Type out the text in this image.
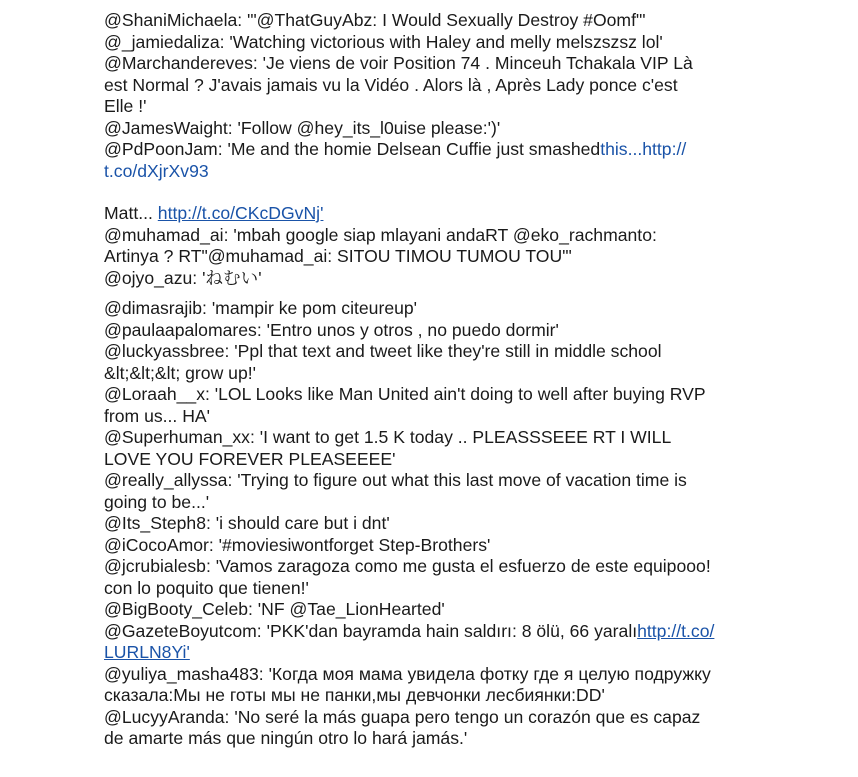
@ShaniMichaela: '"@ThatGuyAbz: I Would Sexually Destroy #Oomf"'
@_jamiedaliza: 'Watching victorious with Haley and melly melszszsz lol'
@Marchandereves: 'Je viens de voir Position 74 . Minceuh Tchakala VIP Là
est Normal ? J'avais jamais vu la Vidéo . Alors là , Après Lady ponce c'est
Elle !'
@JamesWaight: 'Follow @hey_its_l0uise please:')'
@PdPoonJam: 'Me and the homie Delsean Cuffie just smashedthis...http://
t.co/dXjrXv93
Matt... http://t.co/CKcDGvNj'
@muhamad_ai: 'mbah google siap mlayani andaRT @eko_rachmanto:
Artinya ? RT"@muhamad_ai: SITOU TIMOU TUMOU TOU"'
@ojyo_azu: 'ねむい'
@dimasrajib: 'mampir ke pom citeureup'
@paulaapalomares: 'Entro unos y otros , no puedo dormir'
@luckyassbree: 'Ppl that text and tweet like they're still in middle school
&lt;&lt;&lt; grow up!'
@Loraah__x: 'LOL Looks like Man United ain't doing to well after buying RVP
from us... HA'
@Superhuman_xx: 'I want to get 1.5 K today .. PLEASSSEEE RT I WILL
LOVE YOU FOREVER PLEASEEEE'
@really_allyssa: 'Trying to figure out what this last move of vacation time is
going to be...'
@Its_Steph8: 'i should care but i dnt'
@iCocoAmor: '#moviesiwontforget Step-Brothers'
@jcrubialesb: 'Vamos zaragoza como me gusta el esfuerzo de este equipooo!
con lo poquito que tienen!'
@BigBooty_Celeb: 'NF @Tae_LionHearted'
@GazeteBoyutcom: 'PKK'dan bayramda hain saldırı: 8 ölü, 66 yaralıhttp://t.co/
LURLN8Yi'
@yuliya_masha483: 'Когда моя мама увидела фотку где я целую подружку
сказала:Мы не готы мы не панки,мы девчонки лесбиянки:DD'
@LucyyAranda: 'No seré la más guapa pero tengo un corazón que es capaz
de amarte más que ningún otro lo hará jamás.'
